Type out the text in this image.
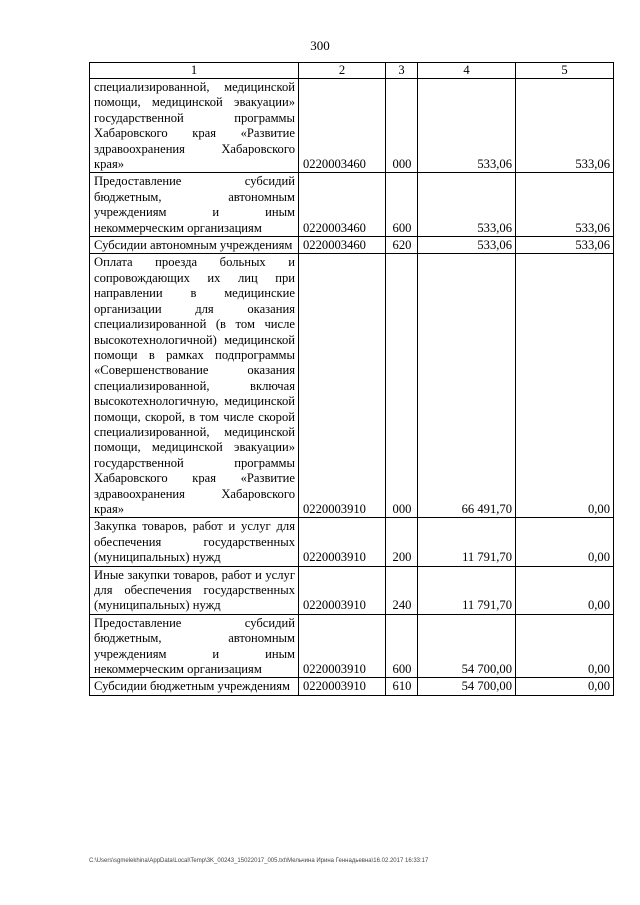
300
1	2	3	4	5
специализированной, медицинской помощи, медицинской эвакуации» государственной программы Хабаровского края «Развитие здравоохранения Хабаровского края»	0220003460	000	533,06	533,06
Предоставление субсидий бюджетным, автономным учреждениям и иным некоммерческим организациям	0220003460	600	533,06	533,06
Субсидии автономным учреждениям	0220003460	620	533,06	533,06
Оплата проезда больных и сопровождающих их лиц при направлении в медицинские организации для оказания специализированной (в том числе высокотехнологичной) медицинской помощи в рамках подпрограммы «Совершенствование оказания специализированной, включая высокотехнологичную, медицинской помощи, скорой, в том числе скорой специализированной, медицинской помощи, медицинской эвакуации» государственной программы Хабаровского края «Развитие здравоохранения Хабаровского края»	0220003910	000	66 491,70	0,00
Закупка товаров, работ и услуг для обеспечения государственных (муниципальных) нужд	0220003910	200	11 791,70	0,00
Иные закупки товаров, работ и услуг для обеспечения государственных (муниципальных) нужд	0220003910	240	11 791,70	0,00
Предоставление субсидий бюджетным, автономным учреждениям и иным некоммерческим организациям	0220003910	600	54 700,00	0,00
Субсидии бюджетным учреждениям	0220003910	610	54 700,00	0,00
C:\Users\sgmelekhina\AppData\Local\Temp\3K_00243_15022017_005.txt\Мельчина Ирина Геннадьевна\16.02.2017 16:33:17
